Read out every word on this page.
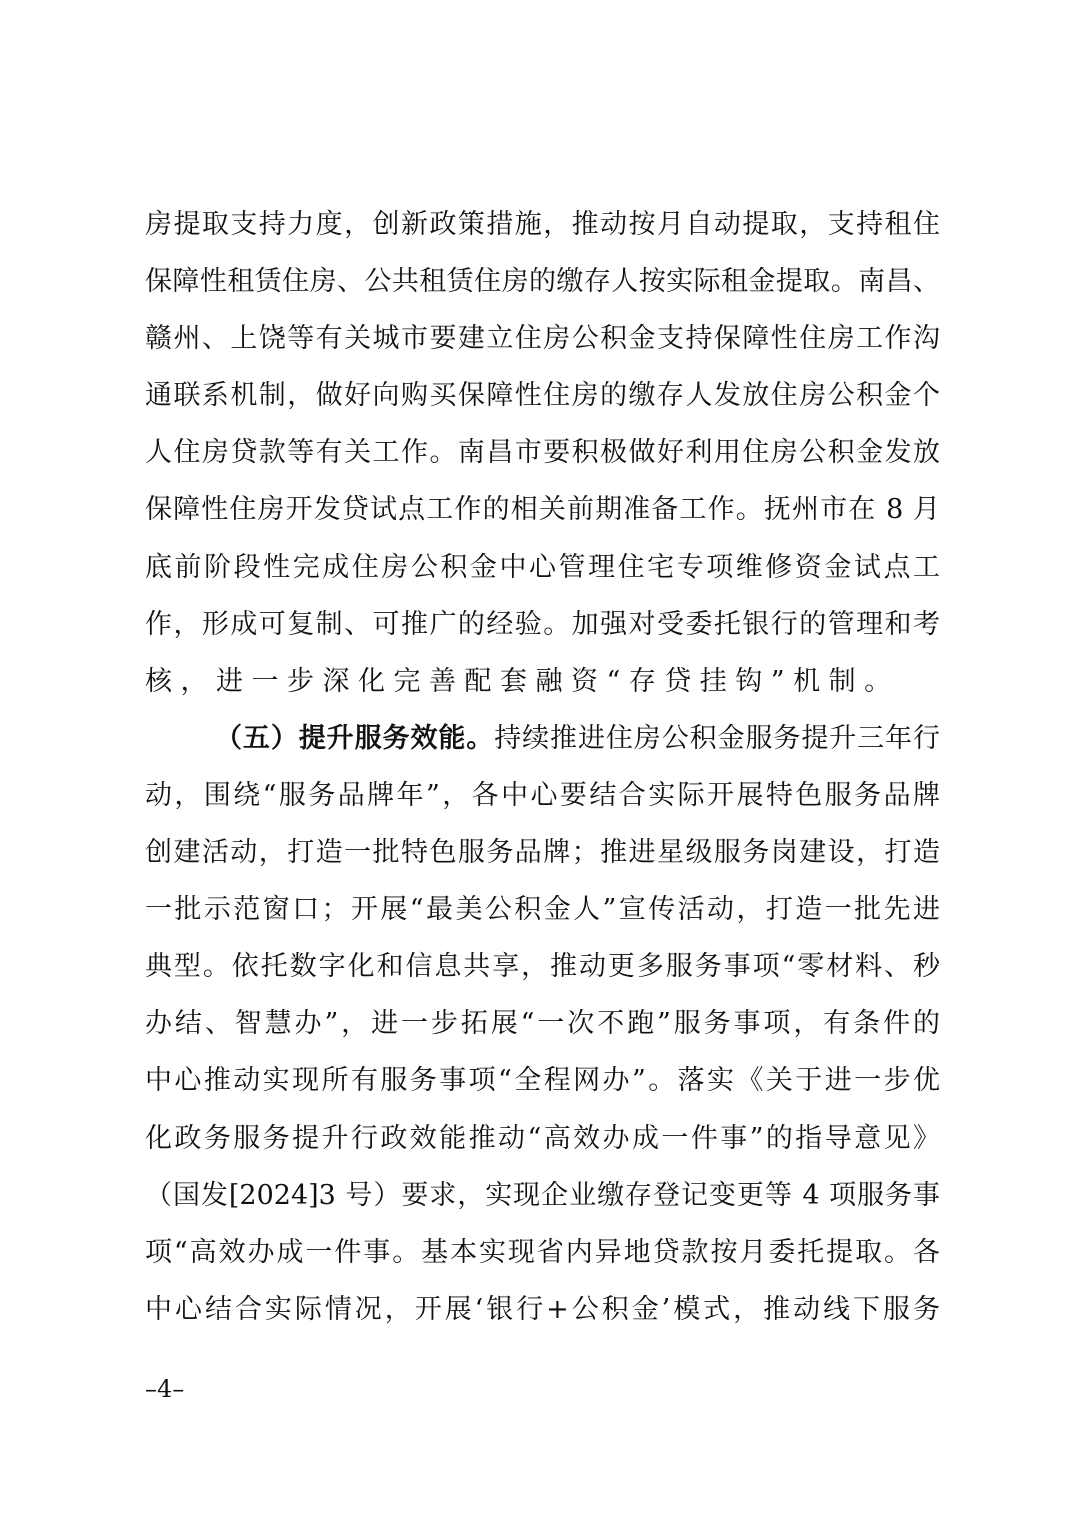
房提取支持力度，创新政策措施，推动按月自动提取，支持租住
保障性租赁住房、公共租赁住房的缴存人按实际租金提取。南昌、
赣州、上饶等有关城市要建立住房公积金支持保障性住房工作沟
通联系机制，做好向购买保障性住房的缴存人发放住房公积金个
人住房贷款等有关工作。南昌市要积极做好利用住房公积金发放
保障性住房开发贷试点工作的相关前期准备工作。抚州市在 8 月
底前阶段性完成住房公积金中心管理住宅专项维修资金试点工
作，形成可复制、可推广的经验。加强对受委托银行的管理和考
核，进一步深化完善配套融资“存贷挂钩”机制。
（五）提升服务效能。持续推进住房公积金服务提升三年行
动，围绕“服务品牌年”，各中心要结合实际开展特色服务品牌
创建活动，打造一批特色服务品牌；推进星级服务岗建设，打造
一批示范窗口；开展“最美公积金人”宣传活动，打造一批先进
典型。依托数字化和信息共享，推动更多服务事项“零材料、秒
办结、智慧办”，进一步拓展“一次不跑”服务事项，有条件的
中心推动实现所有服务事项“全程网办”。落实《关于进一步优
化政务服务提升行政效能推动“高效办成一件事”的指导意见》
（国发[2024]3 号）要求，实现企业缴存登记变更等 4 项服务事
项“高效办成一件事。基本实现省内异地贷款按月委托提取。各
中心结合实际情况，开展‘银行+公积金’模式，推动线下服务
–4–
